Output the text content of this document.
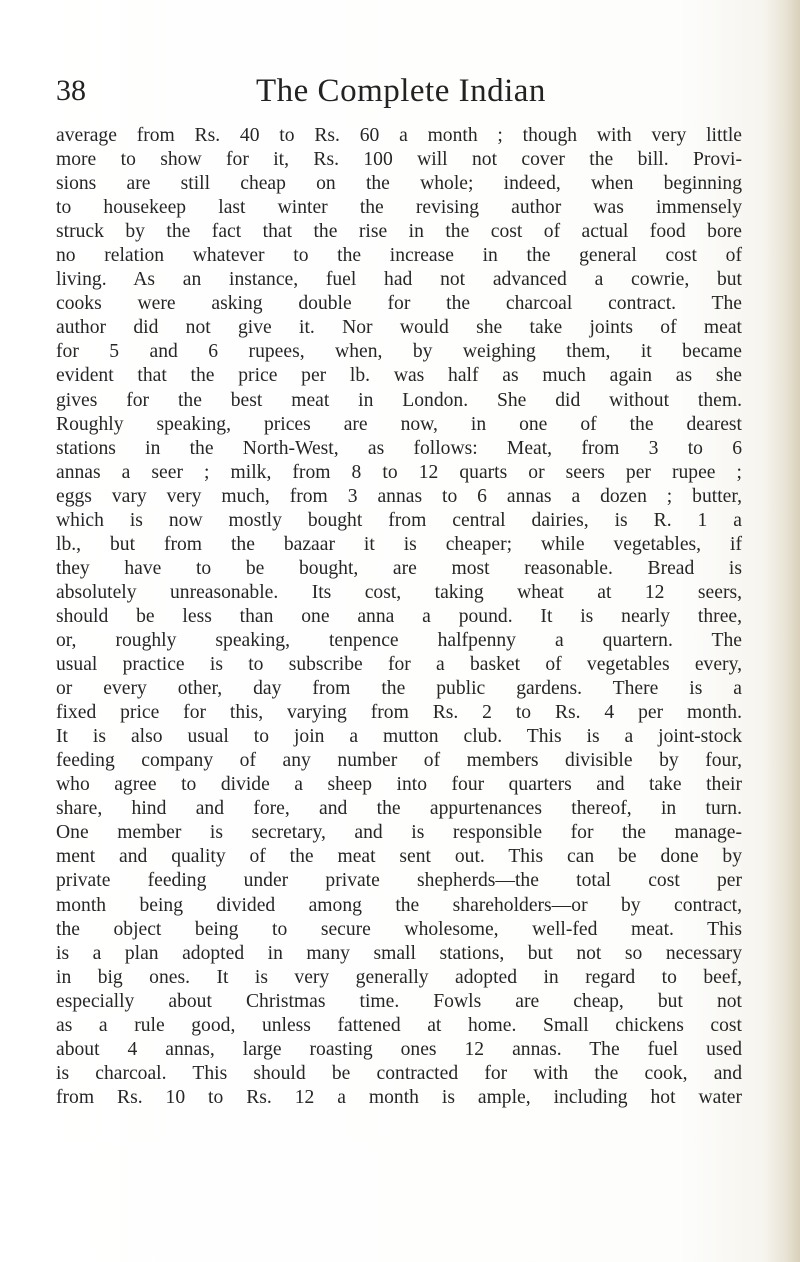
38	The Complete Indian
average from Rs. 40 to Rs. 60 a month ; though with very little
more to show for it, Rs. 100 will not cover the bill. Provi-
sions are still cheap on the whole; indeed, when beginning
to housekeep last winter the revising author was immensely
struck by the fact that the rise in the cost of actual food bore
no relation whatever to the increase in the general cost of
living. As an instance, fuel had not advanced a cowrie, but
cooks were asking double for the charcoal contract. The
author did not give it. Nor would she take joints of meat
for 5 and 6 rupees, when, by weighing them, it became
evident that the price per lb. was half as much again as she
gives for the best meat in London. She did without them.
Roughly speaking, prices are now, in one of the dearest
stations in the North-West, as follows: Meat, from 3 to 6
annas a seer ; milk, from 8 to 12 quarts or seers per rupee ;
eggs vary very much, from 3 annas to 6 annas a dozen ; butter,
which is now mostly bought from central dairies, is R. 1 a
lb., but from the bazaar it is cheaper; while vegetables, if
they have to be bought, are most reasonable. Bread is
absolutely unreasonable. Its cost, taking wheat at 12 seers,
should be less than one anna a pound. It is nearly three,
or, roughly speaking, tenpence halfpenny a quartern. The
usual practice is to subscribe for a basket of vegetables every,
or every other, day from the public gardens. There is a
fixed price for this, varying from Rs. 2 to Rs. 4 per month.
It is also usual to join a mutton club. This is a joint-stock
feeding company of any number of members divisible by four,
who agree to divide a sheep into four quarters and take their
share, hind and fore, and the appurtenances thereof, in turn.
One member is secretary, and is responsible for the manage-
ment and quality of the meat sent out. This can be done by
private feeding under private shepherds—the total cost per
month being divided among the shareholders—or by contract,
the object being to secure wholesome, well-fed meat. This
is a plan adopted in many small stations, but not so necessary
in big ones. It is very generally adopted in regard to beef,
especially about Christmas time. Fowls are cheap, but not
as a rule good, unless fattened at home. Small chickens cost
about 4 annas, large roasting ones 12 annas. The fuel used
is charcoal. This should be contracted for with the cook, and
from Rs. 10 to Rs. 12 a month is ample, including hot water
